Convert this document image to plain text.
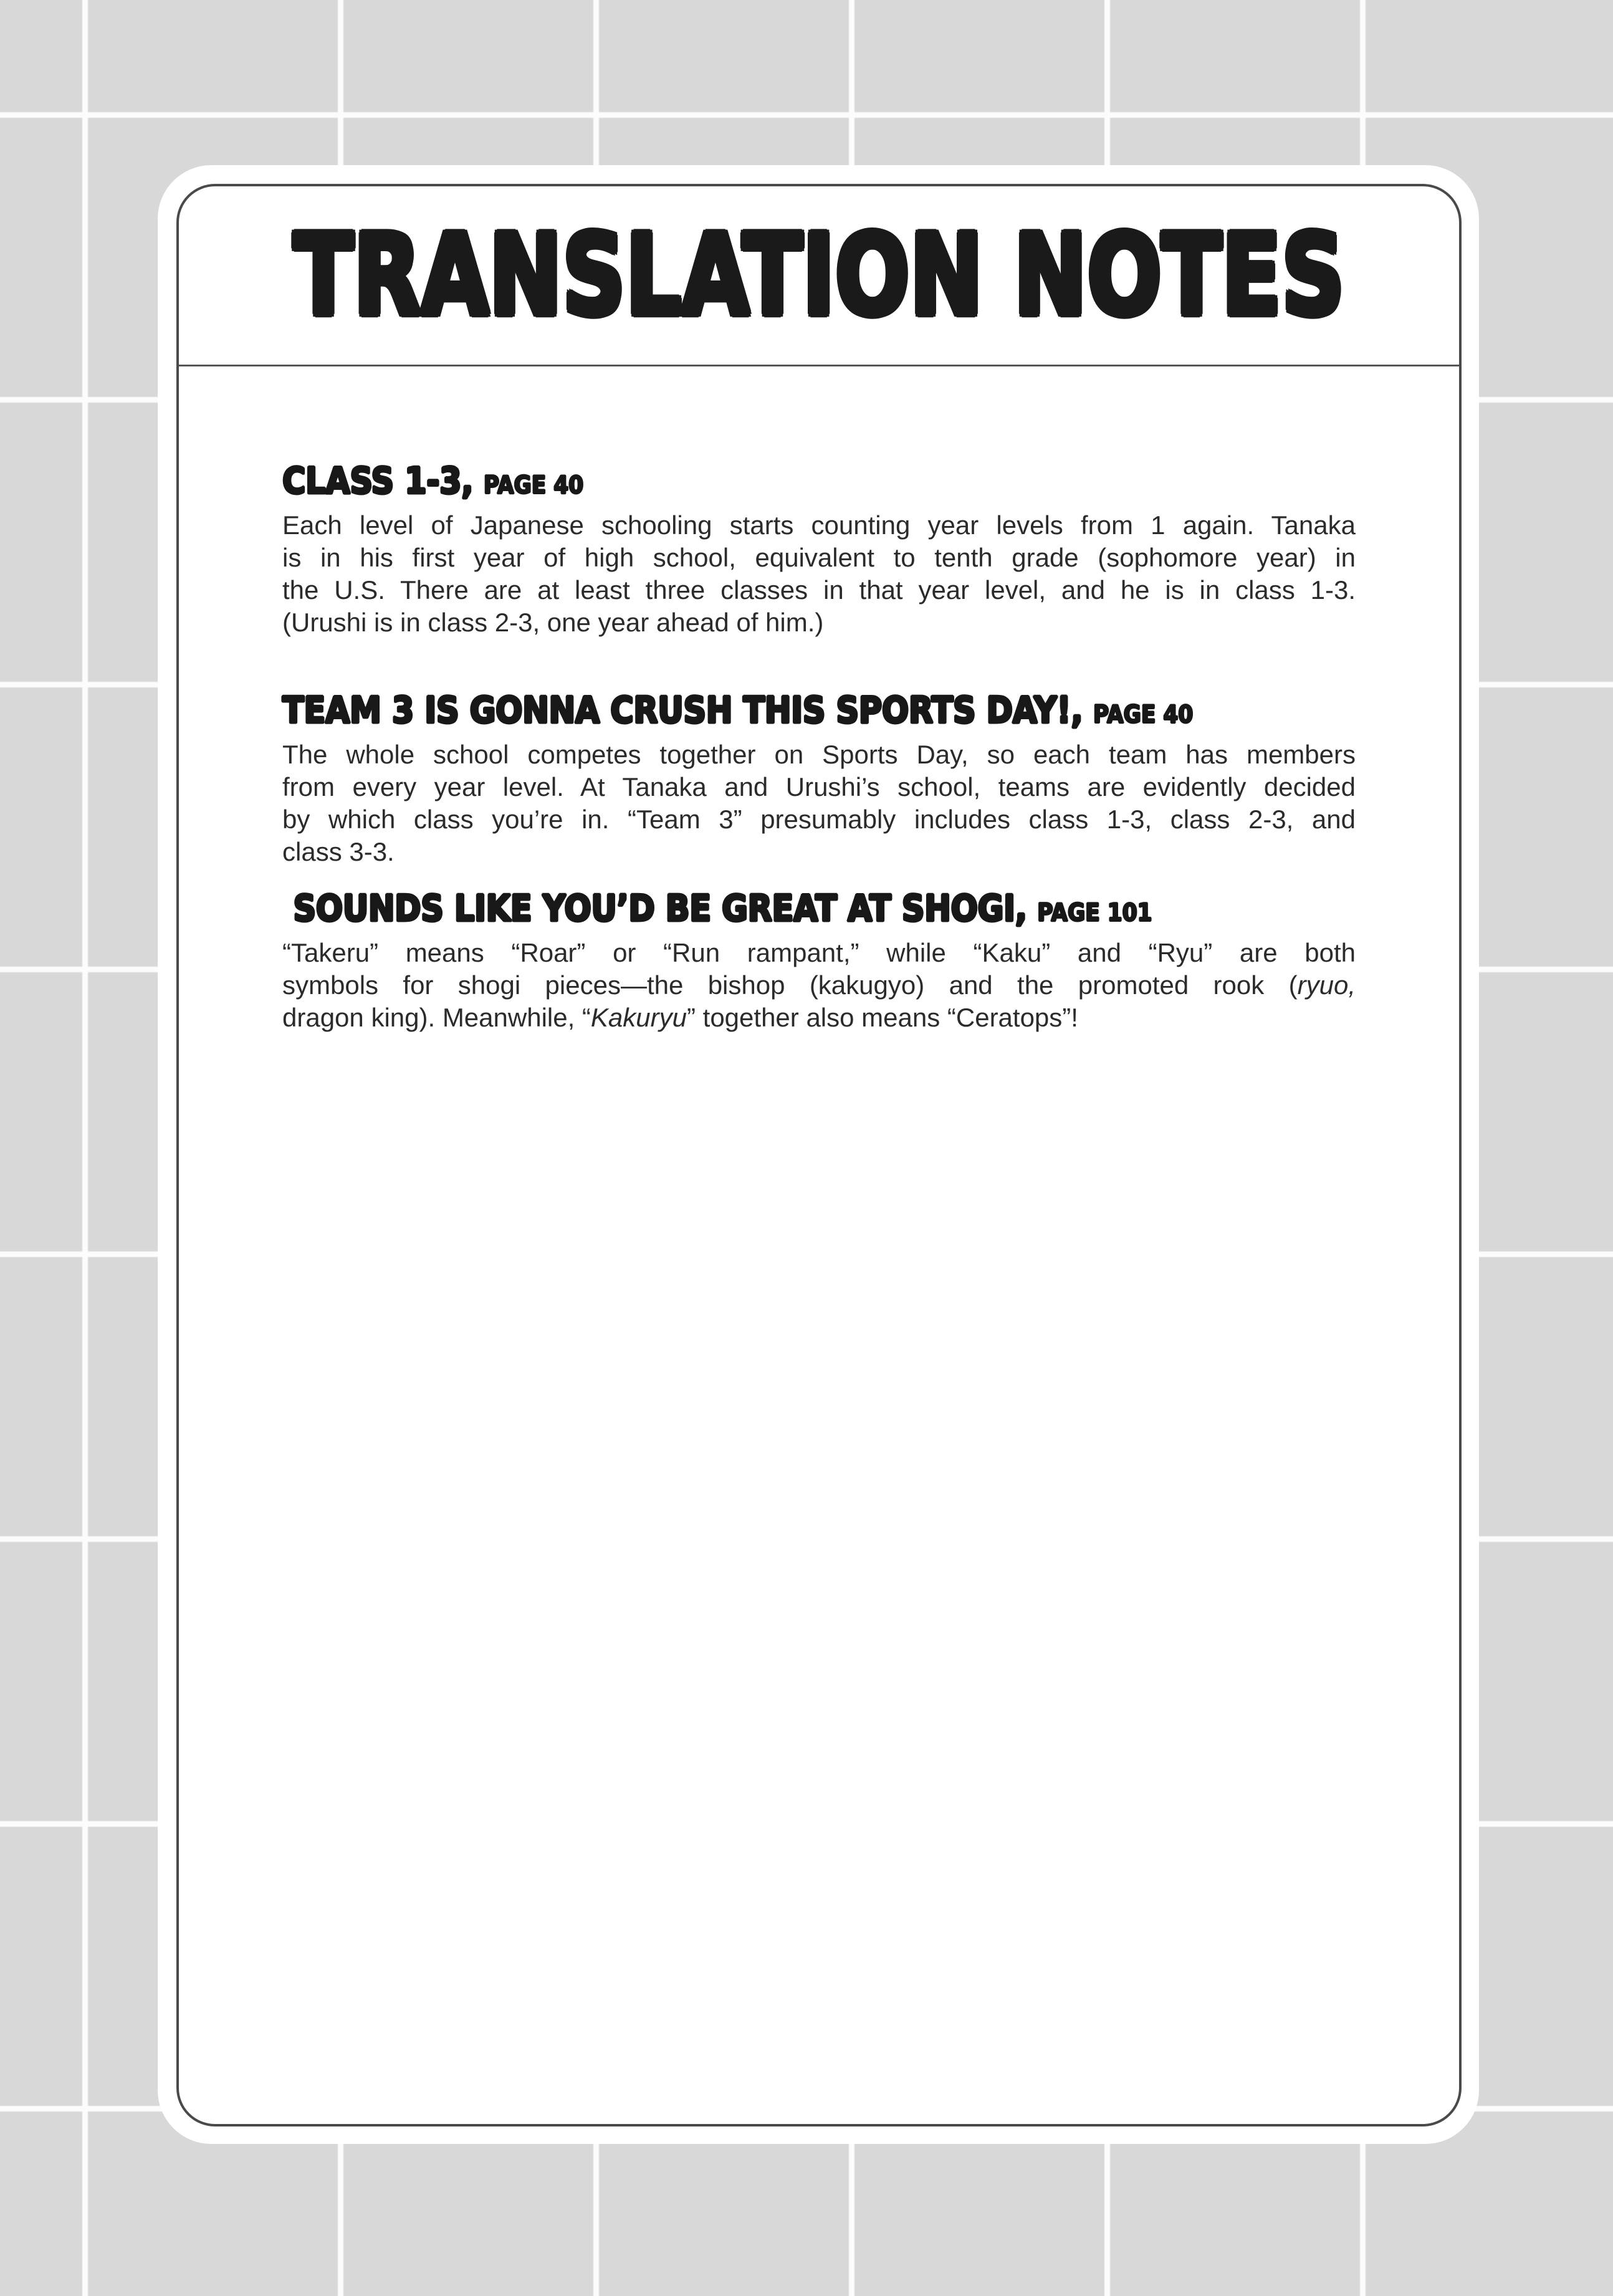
TRANSLATION NOTES
CLASS 1-3, PAGE 40
Each level of Japanese schooling starts counting year levels from 1 again. Tanaka
is in his first year of high school, equivalent to tenth grade (sophomore year) in
the U.S. There are at least three classes in that year level, and he is in class 1-3.
(Urushi is in class 2-3, one year ahead of him.)
TEAM 3 IS GONNA CRUSH THIS SPORTS DAY!, PAGE 40
The whole school competes together on Sports Day, so each team has members
from every year level. At Tanaka and Urushi’s school, teams are evidently decided
by which class you’re in. “Team 3” presumably includes class 1-3, class 2-3, and
class 3-3.
SOUNDS LIKE YOU’D BE GREAT AT SHOGI, PAGE 101
“Takeru” means “Roar” or “Run rampant,” while “Kaku” and “Ryu” are both
symbols for shogi pieces—the bishop (kakugyo) and the promoted rook (ryuo,
dragon king). Meanwhile, “Kakuryu” together also means “Ceratops”!
